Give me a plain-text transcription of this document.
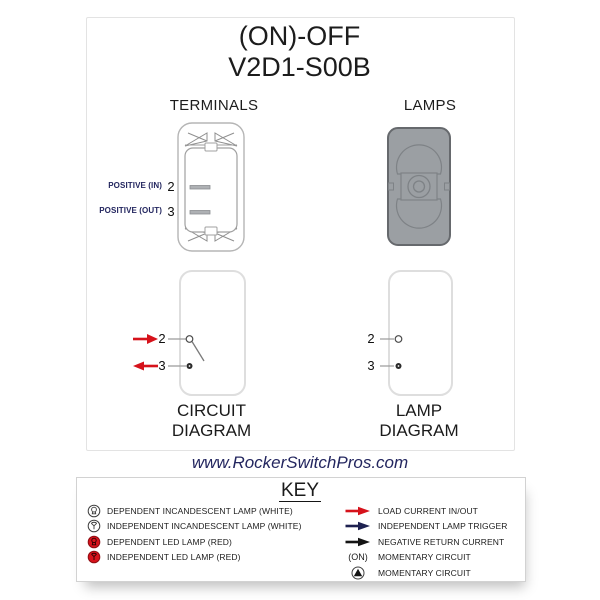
(ON)-OFF
V2D1-S00B
TERMINALS	LAMPS
POSITIVE (IN) 2
POSITIVE (OUT) 3
2
3
CIRCUIT
DIAGRAM
2
3
LAMP
DIAGRAM
www.RockerSwitchPros.com
KEY
DEPENDENT INCANDESCENT LAMP (WHITE)
INDEPENDENT INCANDESCENT LAMP (WHITE)
DEPENDENT LED LAMP (RED)
INDEPENDENT LED LAMP (RED)
LOAD CURRENT IN/OUT
INDEPENDENT LAMP TRIGGER
NEGATIVE RETURN CURRENT
(ON)	MOMENTARY CIRCUIT
MOMENTARY CIRCUIT
